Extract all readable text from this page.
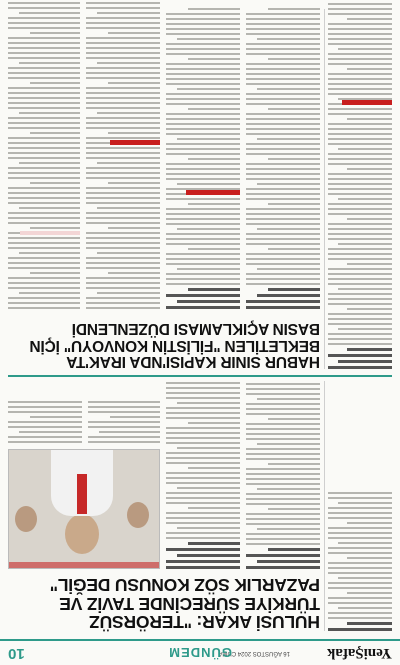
YeniŞafak
16 AĞUSTOS 2024 CUMA
GÜNDEM
10
HULUSİ AKAR: "TERÖRSÜZ
TÜRKİYE SÜRECİNDE TAVİZ VE
PAZARLIK SÖZ KONUSU DEĞİL"
HABUR SINIR KAPISI'NDA IRAK'TA
BEKLETİLEN "FİLİSTİN KONVOYU" İÇİN
BASIN AÇIKLAMASI DÜZENLENDİ
